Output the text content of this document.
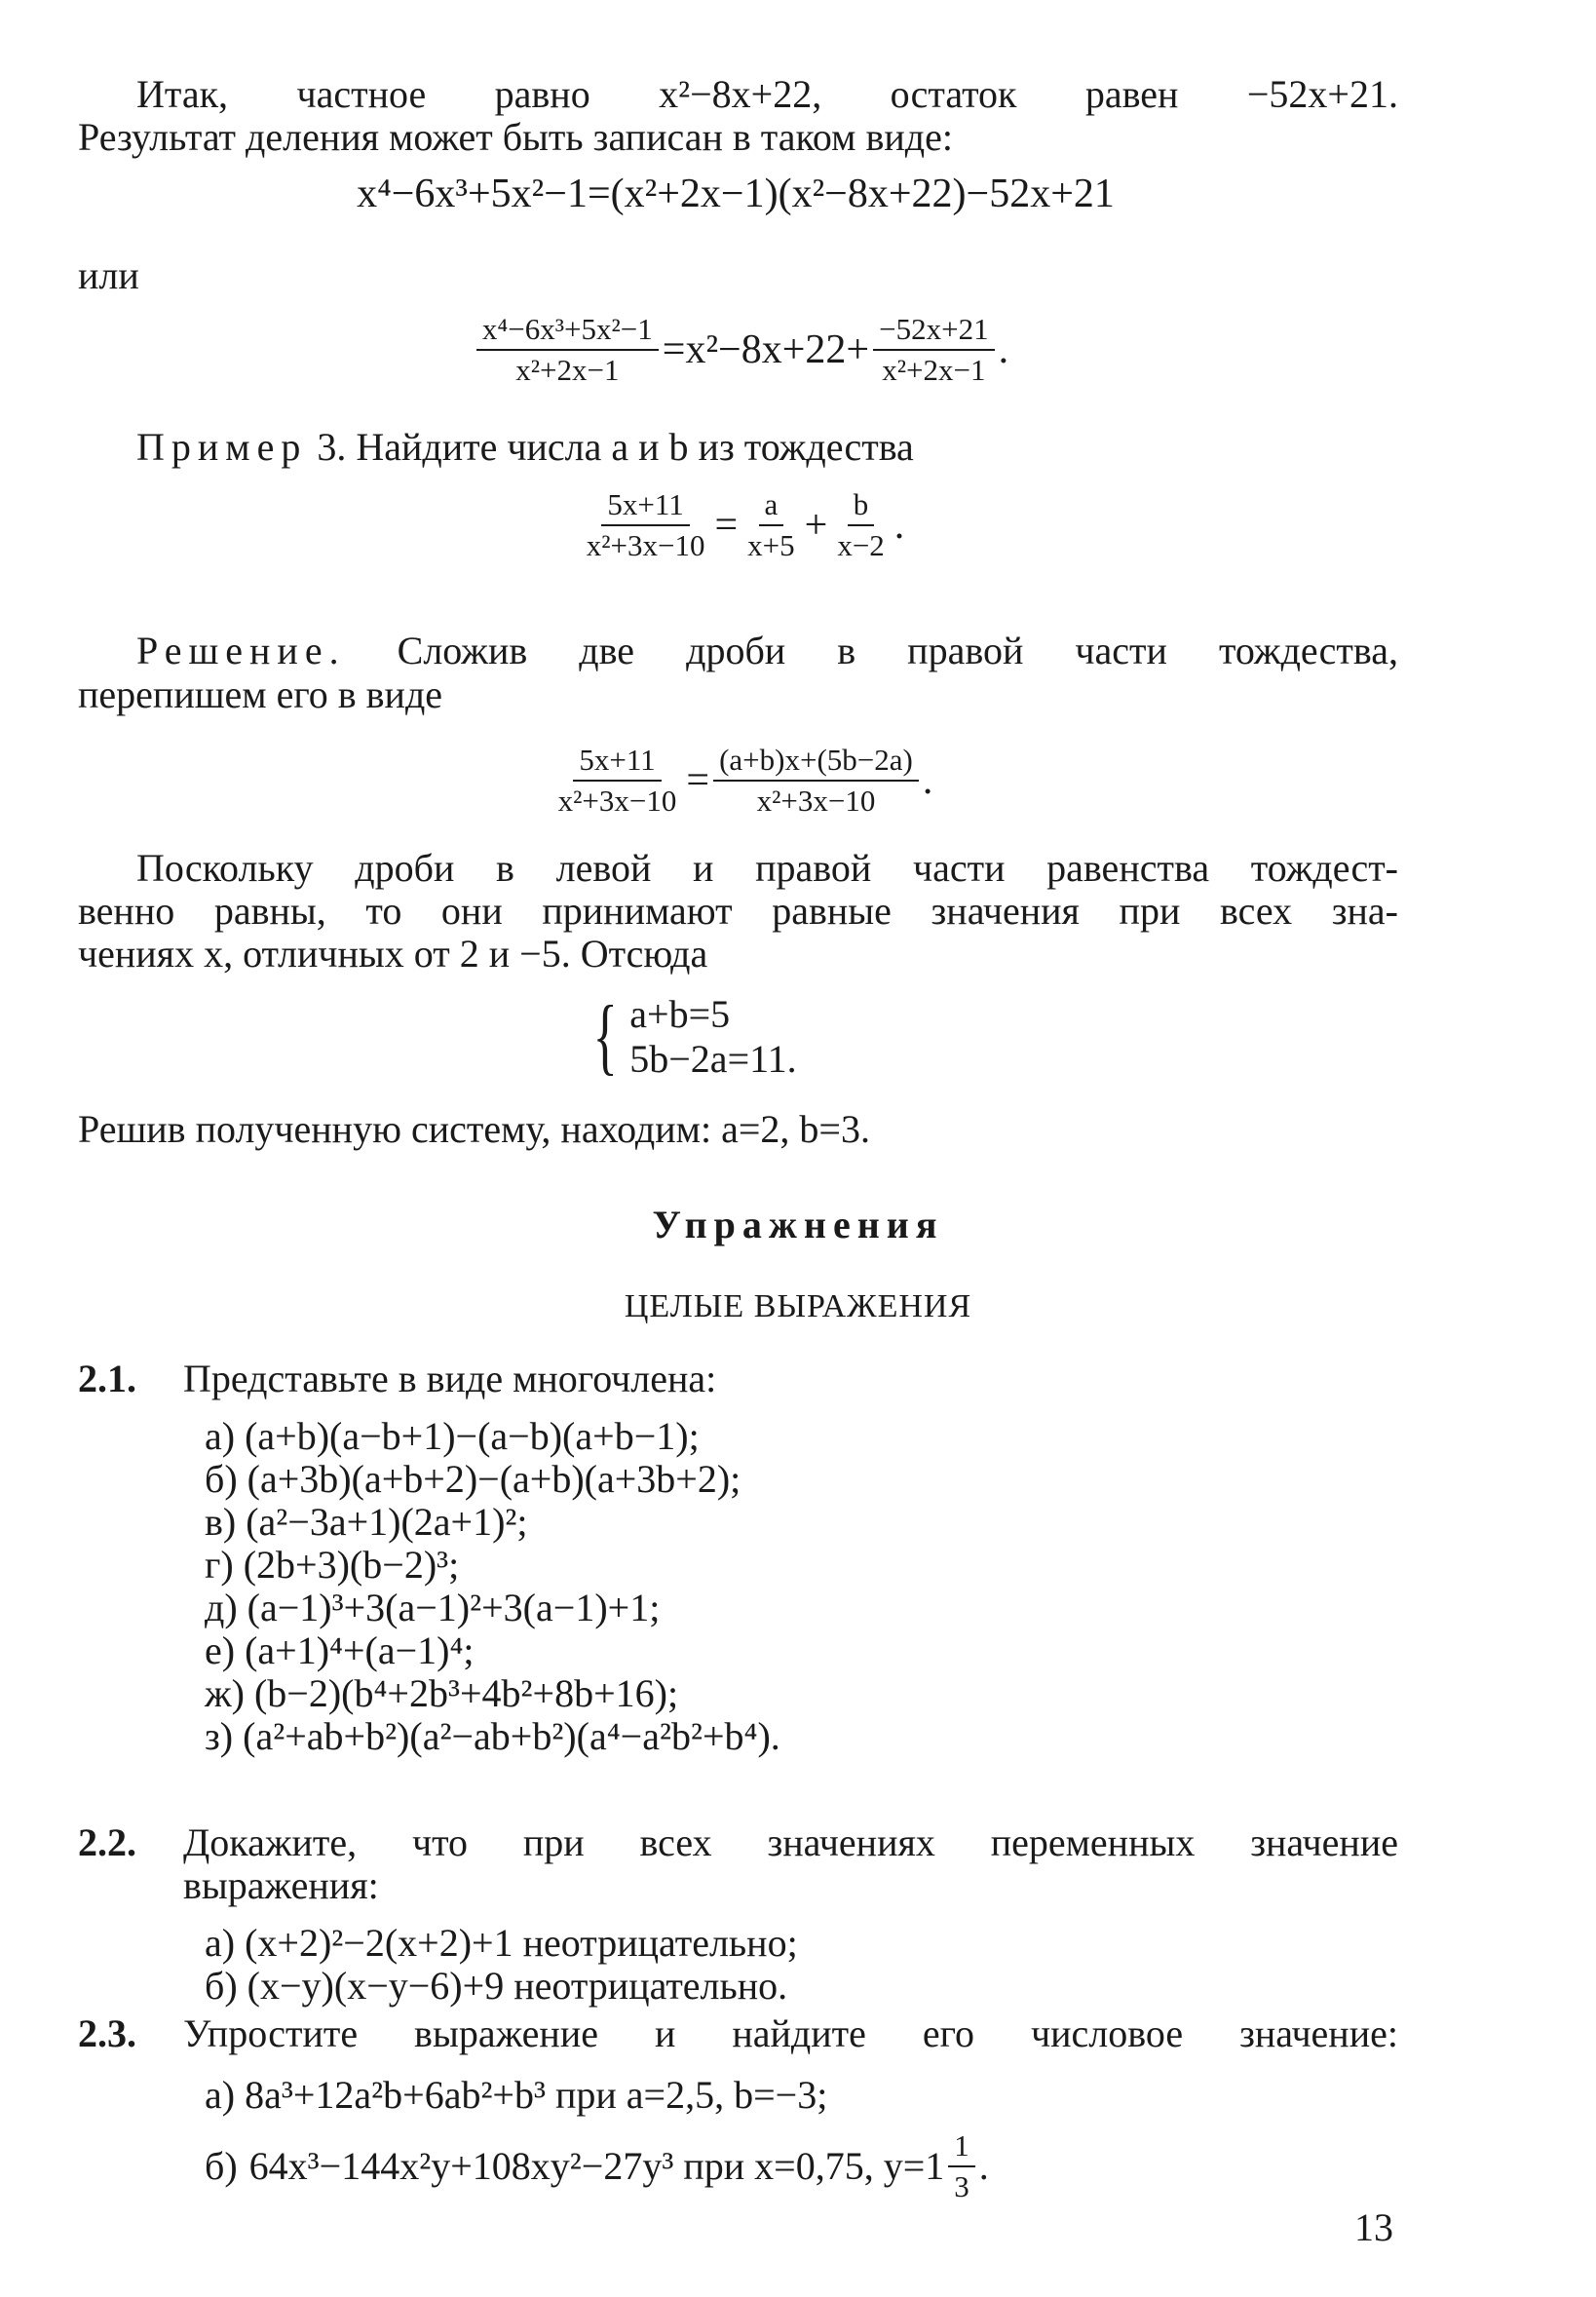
Итак, частное равно x²−8x+22, остаток равен −52x+21.
Результат деления может быть записан в таком виде:
x⁴−6x³+5x²−1=(x²+2x−1)(x²−8x+22)−52x+21
или
$\frac{\text{x⁴−6x³+5x²−1}}{\text{x²+2x−1}} =x^2-8x+22+ \frac{-52x+21}{\text{x²+2x−1}}$ .
Пример 3. Найдите числа a и b из тождества
$\frac{5x+11}{\text{x²+3x−10}} = \frac{a}{x+5} + \frac{b}{x-2}$ .
Решение. Сложив две дроби в правой части тождества,
перепишем его в виде
$\frac{5x+11}{\text{x²+3x−10}} = \frac{(a+b)x+(5b-2a)}{\text{x²+3x−10}}$ .
Поскольку дроби в левой и правой части равенства тождест-
венно равны, то они принимают равные значения при всех зна-
чениях x, отличных от 2 и −5. Отсюда
{ a+b=5
5b−2a=11.
Решив полученную систему, находим: a=2, b=3.
Упражнения
ЦЕЛЫЕ ВЫРАЖЕНИЯ
2.1. Представьте в виде многочлена:
а) (a+b)(a−b+1)−(a−b)(a+b−1);
б) (a+3b)(a+b+2)−(a+b)(a+3b+2);
в) (a²−3a+1)(2a+1)²;
г) (2b+3)(b−2)³;
д) (a−1)³+3(a−1)²+3(a−1)+1;
е) (a+1)⁴+(a−1)⁴;
ж) (b−2)(b⁴+2b³+4b²+8b+16);
з) (a²+ab+b²)(a²−ab+b²)(a⁴−a²b²+b⁴).
2.2. Докажите, что при всех значениях переменных значение
выражения:
а) (x+2)²−2(x+2)+1 неотрицательно;
б) (x−y)(x−y−6)+9 неотрицательно.
2.3. Упростите выражение и найдите его числовое значение:
а) 8a³+12a²b+6ab²+b³ при a=2,5, b=−3;
б) 64x³−144x²y+108xy²−27y³ при x=0,75, $y=1 \frac{1}{3}$ .
13
